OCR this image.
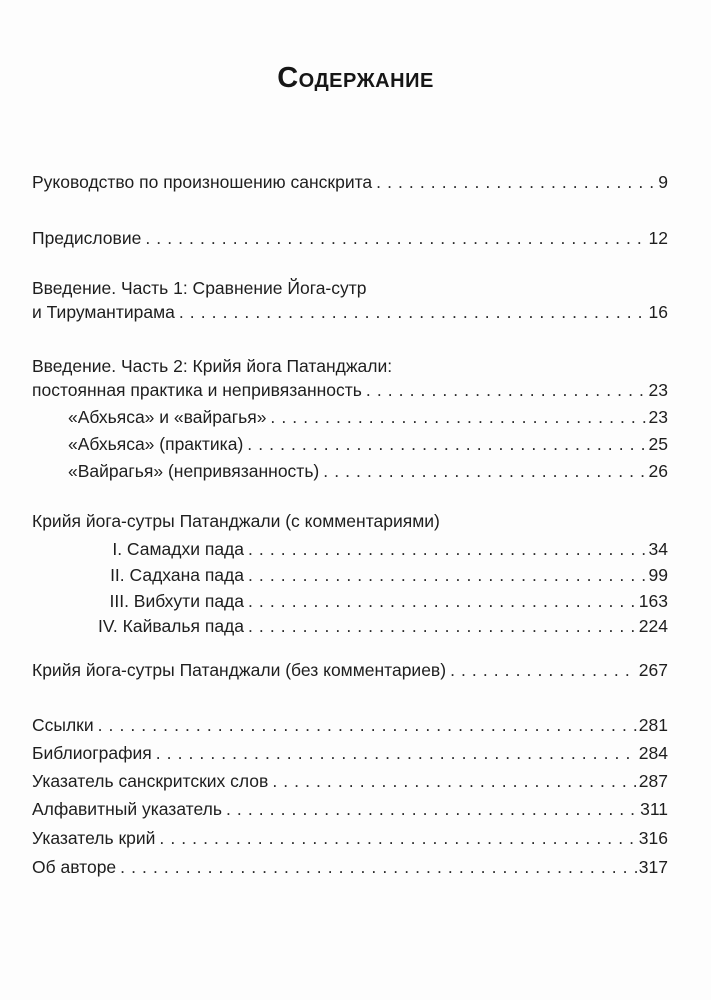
Содержание
Руководство по произношению санскрита . . .	9
Предисловие . . .	12
Введение. Часть 1: Сравнение Йога-сутр
и Тирумантирама . . .	16
Введение. Часть 2: Крийя йога Патанджали:
постоянная практика и непривязанность . . .	23
«Абхьяса» и «вайрагья» . . .	23
«Абхьяса» (практика) . . .	25
«Вайрагья» (непривязанность) . . .	26
Крийя йога-сутры Патанджали (с комментариями)
I. Самадхи пада . . .	34
II. Садхана пада . . .	99
III. Вибхути пада . . .	163
IV. Кайвалья пада . . .	224
Крийя йога-сутры Патанджали (без комментариев) . . .	267
Ссылки . . .	281
Библиография . . .	284
Указатель санскритских слов . . .	287
Алфавитный указатель . . .	311
Указатель крий . . .	316
Об авторе . . .	317
